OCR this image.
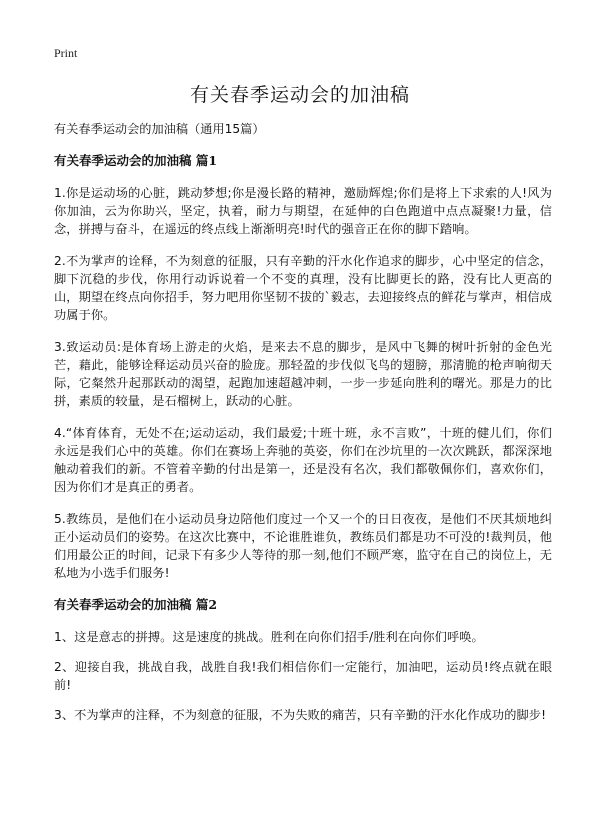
Print
有关春季运动会的加油稿

有关春季运动会的加油稿（通用15篇）

有关春季运动会的加油稿 篇1

1.你是运动场的心脏，跳动梦想;你是漫长路的精神，邀励辉煌;你们是将上下求索的人!风为你加油，云为你助兴，坚定，执着，耐力与期望，在延伸的白色跑道中点点凝聚!力量，信念，拼搏与奋斗，在遥远的终点线上渐渐明亮!时代的强音正在你的脚下踏响。

2.不为掌声的诠释，不为刻意的征服，只有辛勤的汗水化作追求的脚步，心中坚定的信念，脚下沉稳的步伐，你用行动诉说着一个不变的真理，没有比脚更长的路，没有比人更高的山，期望在终点向你招手，努力吧用你坚韧不拔的`毅志，去迎接终点的鲜花与掌声，相信成功属于你。

3.致运动员:是体育场上游走的火焰，是来去不息的脚步，是风中飞舞的树叶折射的金色光芒，藉此，能够诠释运动员兴奋的脸庞。那轻盈的步伐似飞鸟的翅膀，那清脆的枪声响彻天际，它粲然升起那跃动的渴望，起跑加速超越冲刺，一步一步延向胜利的曙光。那是力的比拼，素质的较量，是石榴树上，跃动的心脏。

4.“体育体育，无处不在;运动运动，我们最爱;十班十班，永不言败”，十班的健儿们，你们永远是我们心中的英雄。你们在赛场上奔驰的英姿，你们在沙坑里的一次次跳跃，都深深地触动着我们的新。不管着辛勤的付出是第一，还是没有名次，我们都敬佩你们，喜欢你们，因为你们才是真正的勇者。

5.教练员，是他们在小运动员身边陪他们度过一个又一个的日日夜夜，是他们不厌其烦地纠正小运动员们的姿势。在这次比赛中，不论谁胜谁负，教练员们都是功不可没的!裁判员，他们用最公正的时间，记录下有多少人等待的那一刻,他们不顾严寒，监守在自己的岗位上，无私地为小选手们服务!

有关春季运动会的加油稿 篇2

1、这是意志的拼搏。这是速度的挑战。胜利在向你们招手/胜利在向你们呼唤。

2、迎接自我，挑战自我，战胜自我!我们相信你们一定能行，加油吧，运动员!终点就在眼前!

3、不为掌声的注释，不为刻意的征服，不为失败的痛苦，只有辛勤的汗水化作成功的脚步!
